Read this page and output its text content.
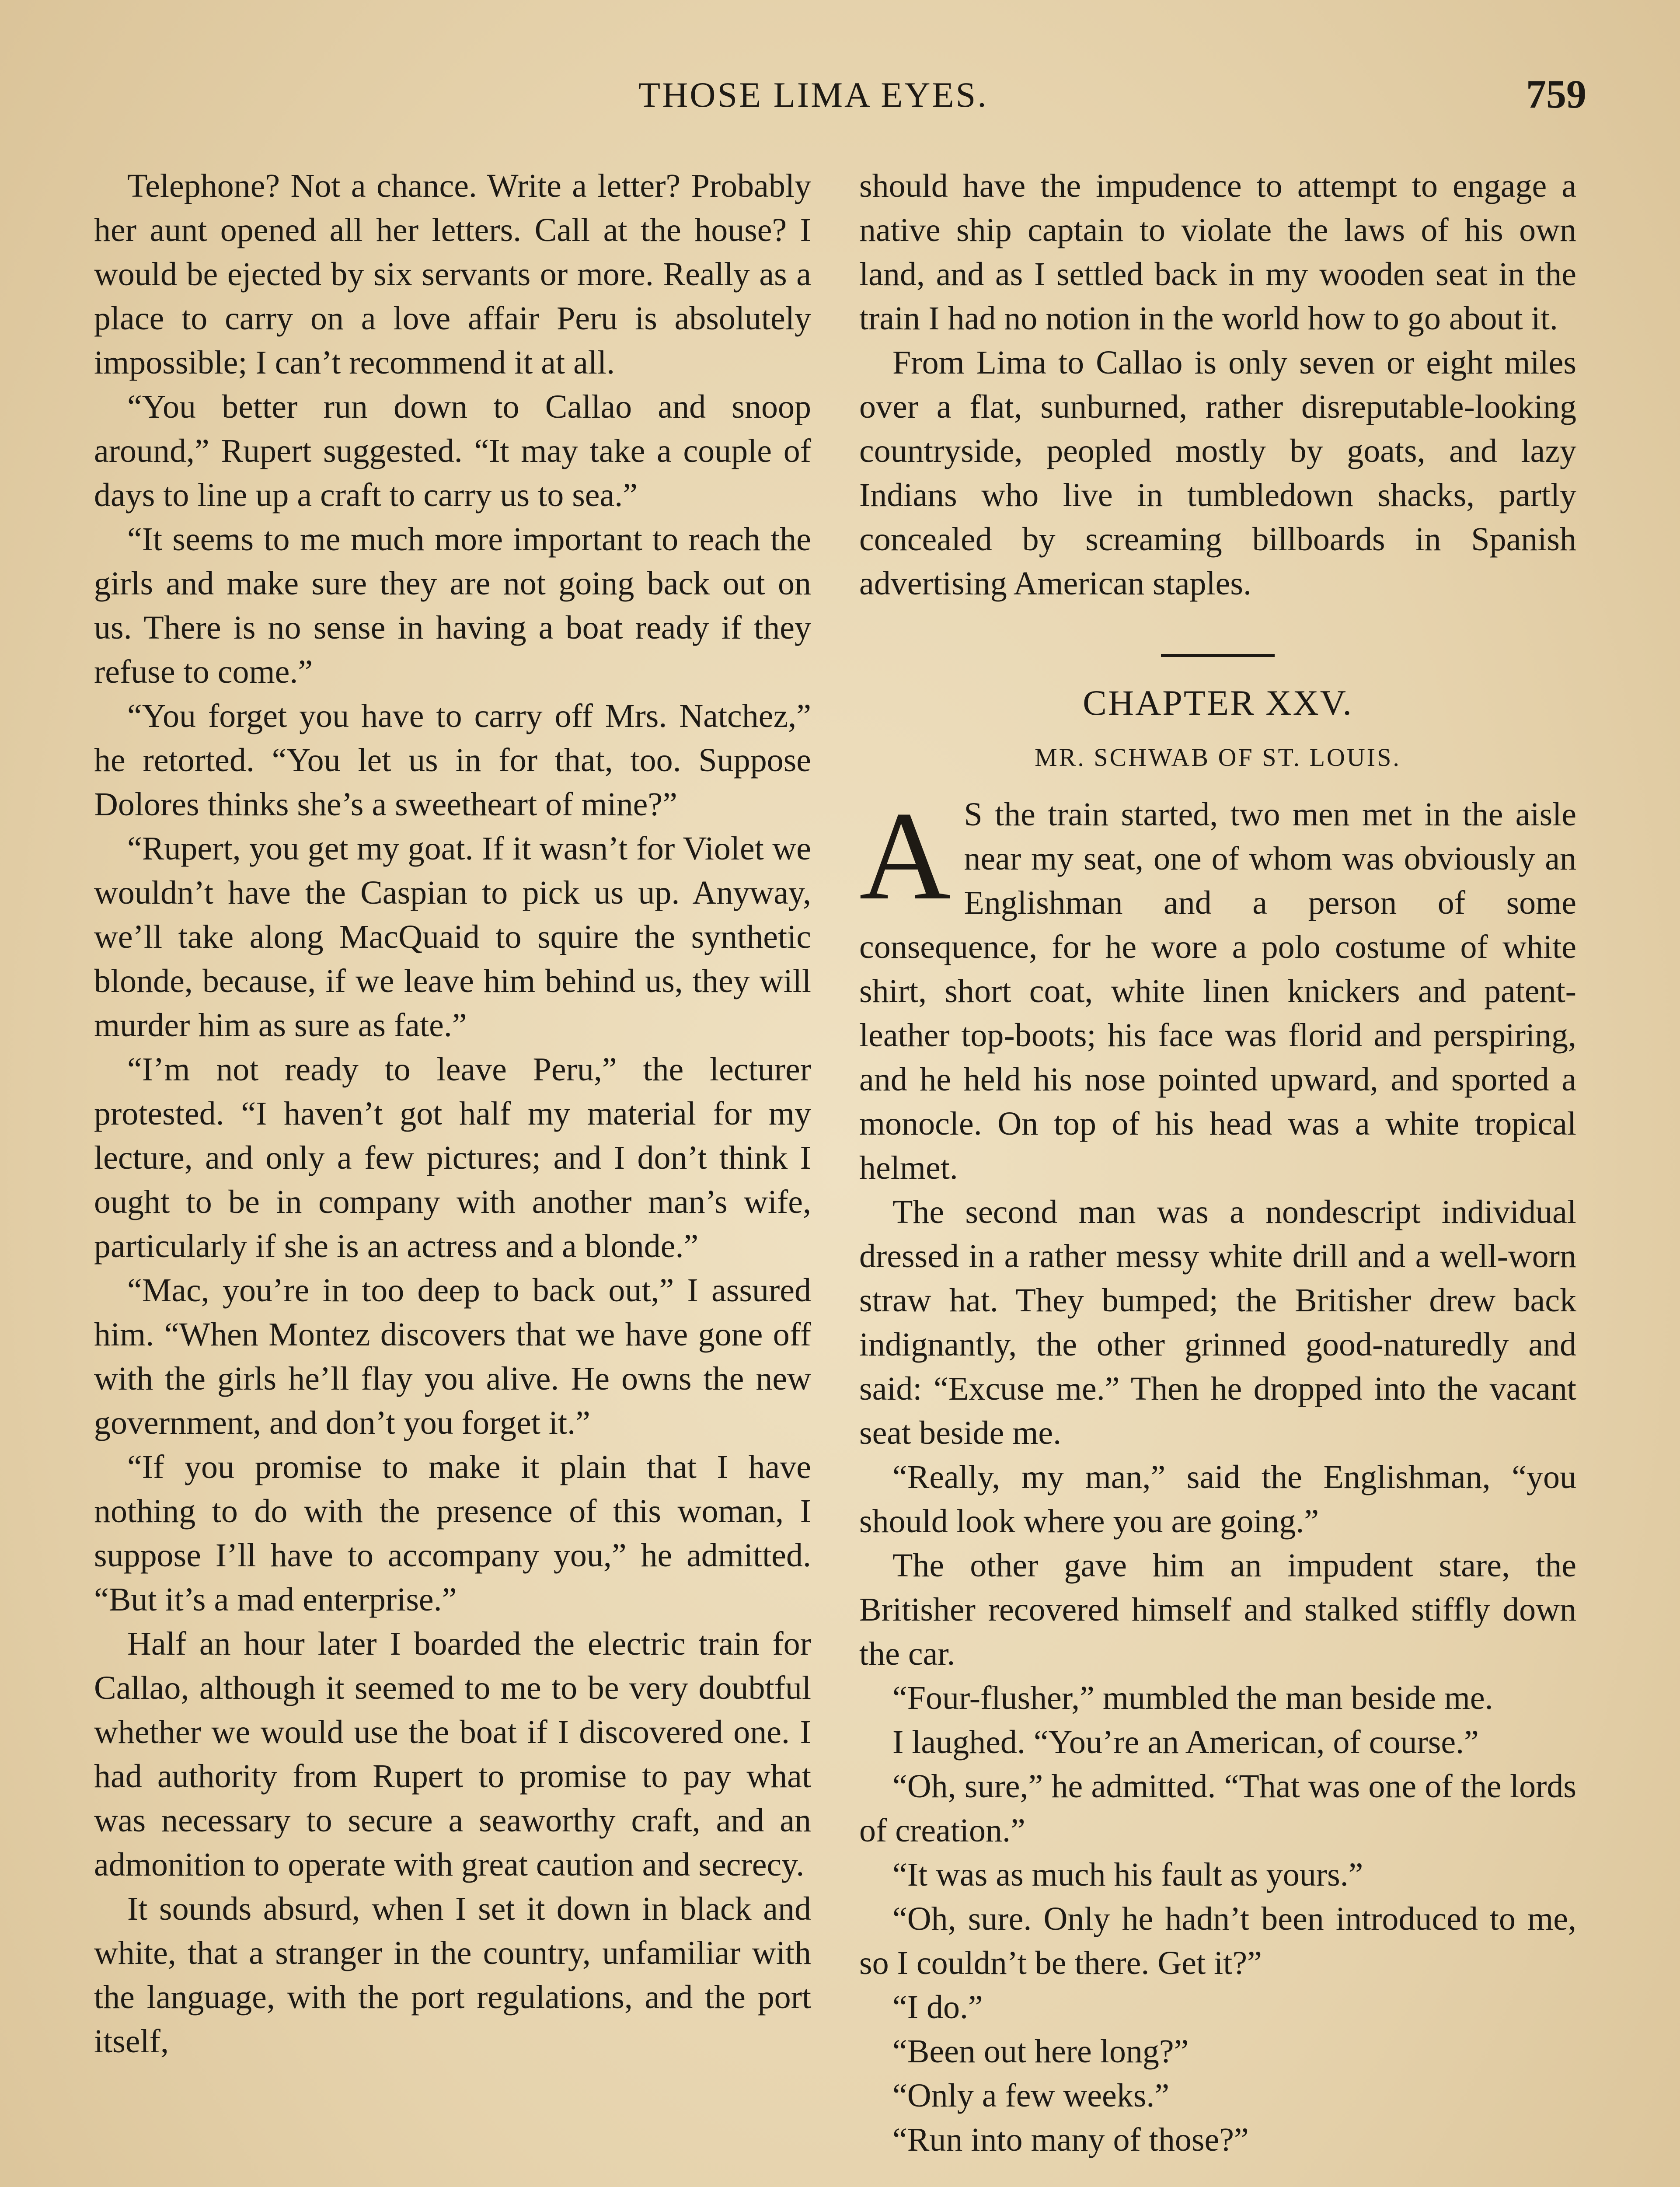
THOSE LIMA EYES.	759

Telephone? Not a chance. Write a letter? Probably her aunt opened all her letters. Call at the house? I would be ejected by six servants or more. Really as a place to carry on a love affair Peru is absolutely impossible; I can’t recommend it at all.

“You better run down to Callao and snoop around,” Rupert suggested. “It may take a couple of days to line up a craft to carry us to sea.”

“It seems to me much more important to reach the girls and make sure they are not going back out on us. There is no sense in having a boat ready if they refuse to come.”

“You forget you have to carry off Mrs. Natchez,” he retorted. “You let us in for that, too. Suppose Dolores thinks she’s a sweetheart of mine?”

“Rupert, you get my goat. If it wasn’t for Violet we wouldn’t have the Caspian to pick us up. Anyway, we’ll take along MacQuaid to squire the synthetic blonde, because, if we leave him behind us, they will murder him as sure as fate.”

“I’m not ready to leave Peru,” the lecturer protested. “I haven’t got half my material for my lecture, and only a few pictures; and I don’t think I ought to be in company with another man’s wife, particularly if she is an actress and a blonde.”

“Mac, you’re in too deep to back out,” I assured him. “When Montez discovers that we have gone off with the girls he’ll flay you alive. He owns the new government, and don’t you forget it.”

“If you promise to make it plain that I have nothing to do with the presence of this woman, I suppose I’ll have to accompany you,” he admitted. “But it’s a mad enterprise.”

Half an hour later I boarded the electric train for Callao, although it seemed to me to be very doubtful whether we would use the boat if I discovered one. I had authority from Rupert to promise to pay what was necessary to secure a seaworthy craft, and an admonition to operate with great caution and secrecy.

It sounds absurd, when I set it down in black and white, that a stranger in the country, unfamiliar with the language, with the port regulations, and the port itself,

should have the impudence to attempt to engage a native ship captain to violate the laws of his own land, and as I settled back in my wooden seat in the train I had no notion in the world how to go about it.

From Lima to Callao is only seven or eight miles over a flat, sunburned, rather disreputable-looking countryside, peopled mostly by goats, and lazy Indians who live in tumbledown shacks, partly concealed by screaming billboards in Spanish advertising American staples.

CHAPTER XXV.
MR. SCHWAB OF ST. LOUIS.

A S the train started, two men met in the aisle near my seat, one of whom was obviously an Englishman and a person of some consequence, for he wore a polo costume of white shirt, short coat, white linen knickers and patent-leather top-boots; his face was florid and perspiring, and he held his nose pointed upward, and sported a monocle. On top of his head was a white tropical helmet.

The second man was a nondescript individual dressed in a rather messy white drill and a well-worn straw hat. They bumped; the Britisher drew back indignantly, the other grinned good-naturedly and said: “Excuse me.” Then he dropped into the vacant seat beside me.

“Really, my man,” said the Englishman, “you should look where you are going.”

The other gave him an impudent stare, the Britisher recovered himself and stalked stiffly down the car.

“Four-flusher,” mumbled the man beside me.

I laughed. “You’re an American, of course.”

“Oh, sure,” he admitted. “That was one of the lords of creation.”

“It was as much his fault as yours.”

“Oh, sure. Only he hadn’t been introduced to me, so I couldn’t be there. Get it?”

“I do.”

“Been out here long?”

“Only a few weeks.”

“Run into many of those?”
